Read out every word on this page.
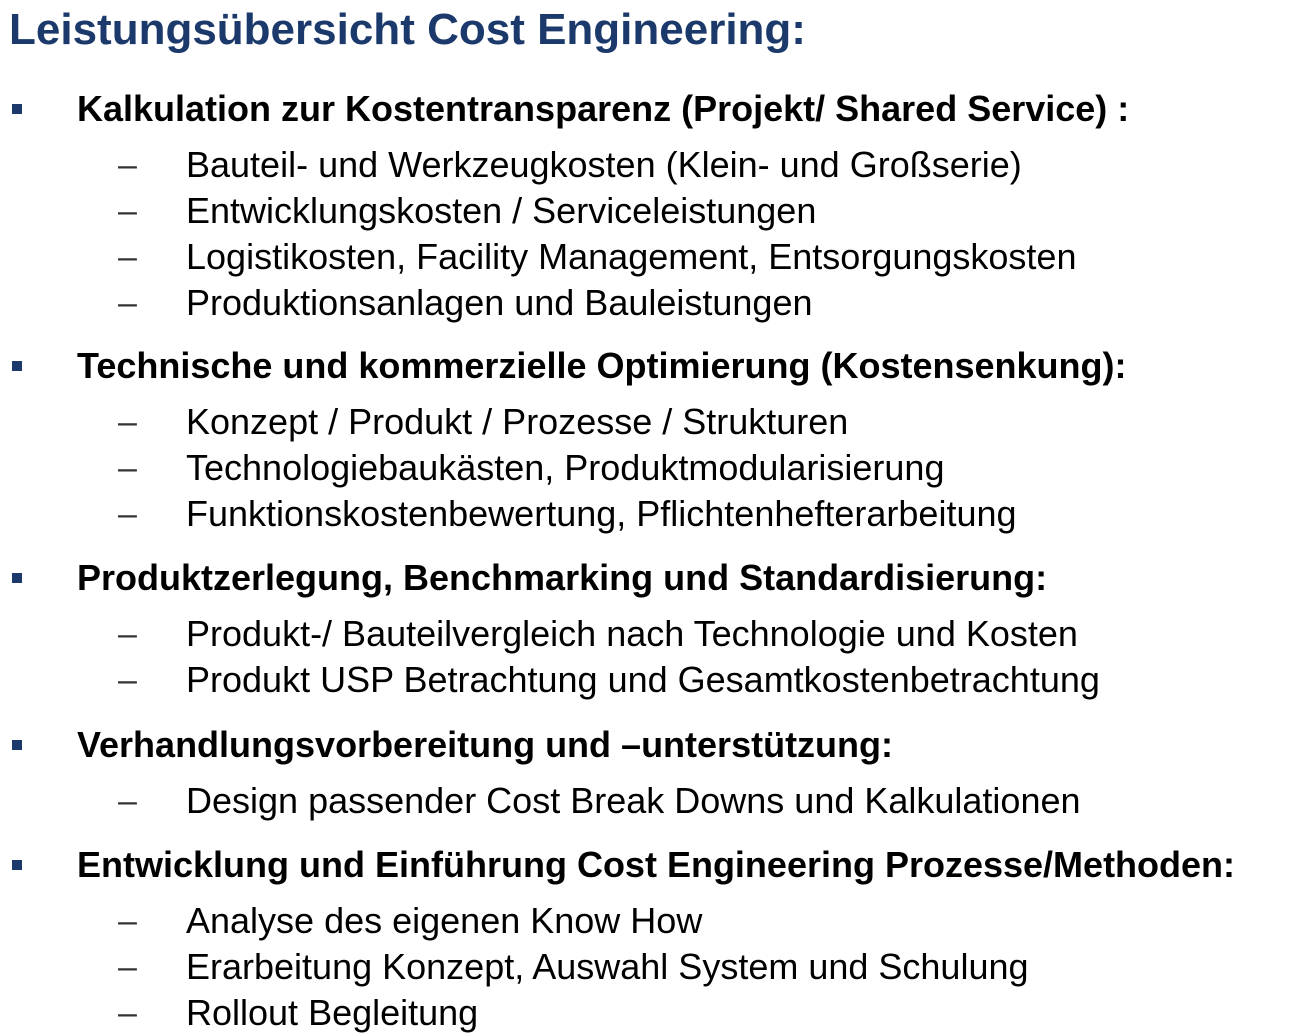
Leistungsübersicht Cost Engineering:
Kalkulation zur Kostentransparenz (Projekt/ Shared Service) :
– Bauteil- und Werkzeugkosten (Klein- und Großserie)
– Entwicklungskosten / Serviceleistungen
– Logistikosten, Facility Management, Entsorgungskosten
– Produktionsanlagen und Bauleistungen
Technische und kommerzielle Optimierung (Kostensenkung):
– Konzept / Produkt / Prozesse / Strukturen
– Technologiebaukästen, Produktmodularisierung
– Funktionskostenbewertung, Pflichtenhefterarbeitung
Produktzerlegung, Benchmarking und Standardisierung:
– Produkt-/ Bauteilvergleich nach Technologie und Kosten
– Produkt USP Betrachtung und Gesamtkostenbetrachtung
Verhandlungsvorbereitung und –unterstützung:
– Design passender Cost Break Downs und Kalkulationen
Entwicklung und Einführung Cost Engineering Prozesse/Methoden:
– Analyse des eigenen Know How
– Erarbeitung Konzept, Auswahl System und Schulung
– Rollout Begleitung
